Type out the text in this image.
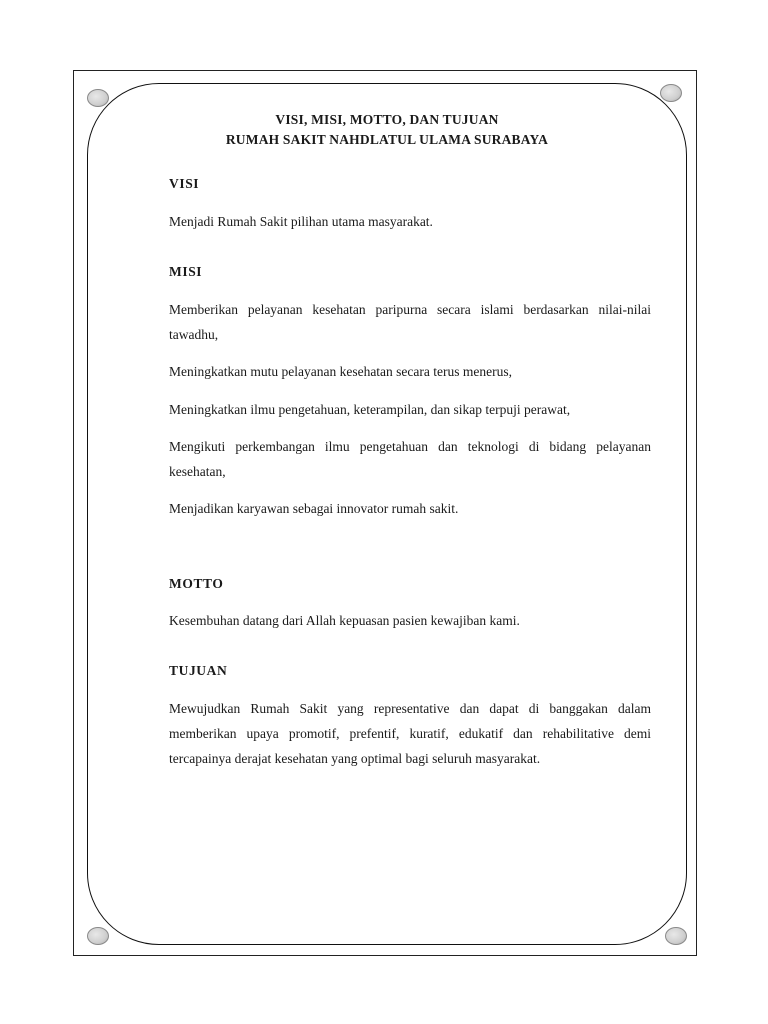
VISI, MISI, MOTTO, DAN TUJUAN
RUMAH SAKIT NAHDLATUL ULAMA SURABAYA
VISI
Menjadi Rumah Sakit pilihan utama masyarakat.
MISI
Memberikan pelayanan kesehatan paripurna secara islami berdasarkan nilai-nilai tawadhu,
Meningkatkan mutu pelayanan kesehatan secara terus menerus,
Meningkatkan ilmu pengetahuan, keterampilan, dan sikap terpuji perawat,
Mengikuti perkembangan ilmu pengetahuan dan teknologi di bidang pelayanan kesehatan,
Menjadikan karyawan sebagai innovator rumah sakit.
MOTTO
Kesembuhan datang dari Allah kepuasan pasien kewajiban kami.
TUJUAN
Mewujudkan Rumah Sakit yang representative dan dapat di banggakan dalam memberikan upaya promotif, prefentif, kuratif, edukatif dan rehabilitative demi tercapainya derajat kesehatan yang optimal bagi seluruh masyarakat.
